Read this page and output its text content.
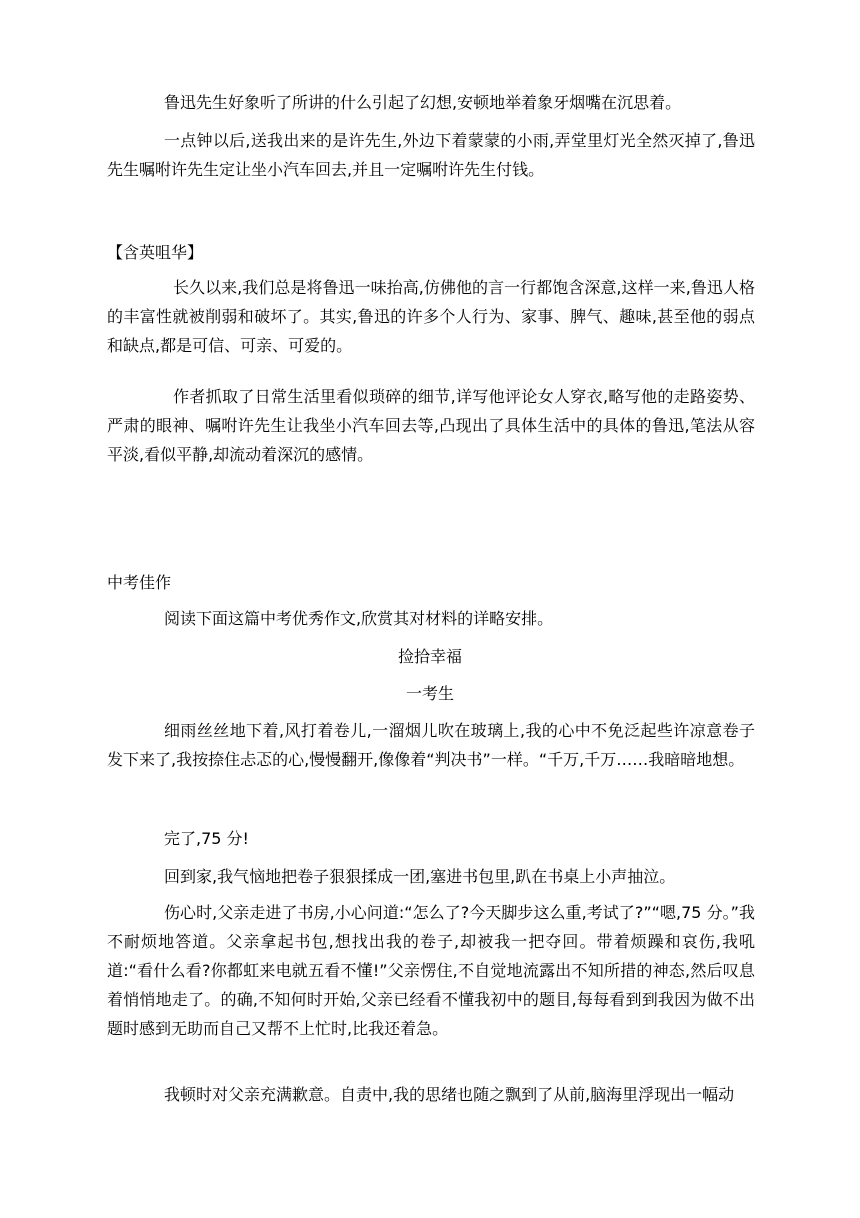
鲁迅先生好象听了所讲的什么引起了幻想,安顿地举着象牙烟嘴在沉思着。

一点钟以后,送我出来的是许先生,外边下着蒙蒙的小雨,弄堂里灯光全然灭掉了,鲁迅先生嘱咐许先生定让坐小汽车回去,并且一定嘱咐许先生付钱。

【含英咀华】

长久以来,我们总是将鲁迅一味抬高,仿佛他的言一行都饱含深意,这样一来,鲁迅人格的丰富性就被削弱和破坏了。其实,鲁迅的许多个人行为、家事、脾气、趣味,甚至他的弱点和缺点,都是可信、可亲、可爱的。

作者抓取了日常生活里看似琐碎的细节,详写他评论女人穿衣,略写他的走路姿势、严肃的眼神、嘱咐许先生让我坐小汽车回去等,凸现出了具体生活中的具体的鲁迅,笔法从容平淡,看似平静,却流动着深沉的感情。

中考佳作

阅读下面这篇中考优秀作文,欣赏其对材料的详略安排。

捡拾幸福

一考生

细雨丝丝地下着,风打着卷儿,一溜烟儿吹在玻璃上,我的心中不免泛起些许凉意卷子发下来了,我按捺住忐忑的心,慢慢翻开,像像着“判决书”一样。“千万,千万……我暗暗地想。

完了,75 分!

回到家,我气恼地把卷子狠狠揉成一团,塞进书包里,趴在书桌上小声抽泣。

伤心时,父亲走进了书房,小心问道:“怎么了?今天脚步这么重,考试了?”“嗯,75 分。”我不耐烦地答道。父亲拿起书包,想找出我的卷子,却被我一把夺回。带着烦躁和哀伤,我吼道:“看什么看?你都虹来电就五看不懂!”父亲愣住,不自觉地流露出不知所措的神态,然后叹息着悄悄地走了。的确,不知何时开始,父亲已经看不懂我初中的题目,每每看到到我因为做不出题时感到无助而自己又帮不上忙时,比我还着急。

我顿时对父亲充满歉意。自责中,我的思绪也随之飘到了从前,脑海里浮现出一幅动
